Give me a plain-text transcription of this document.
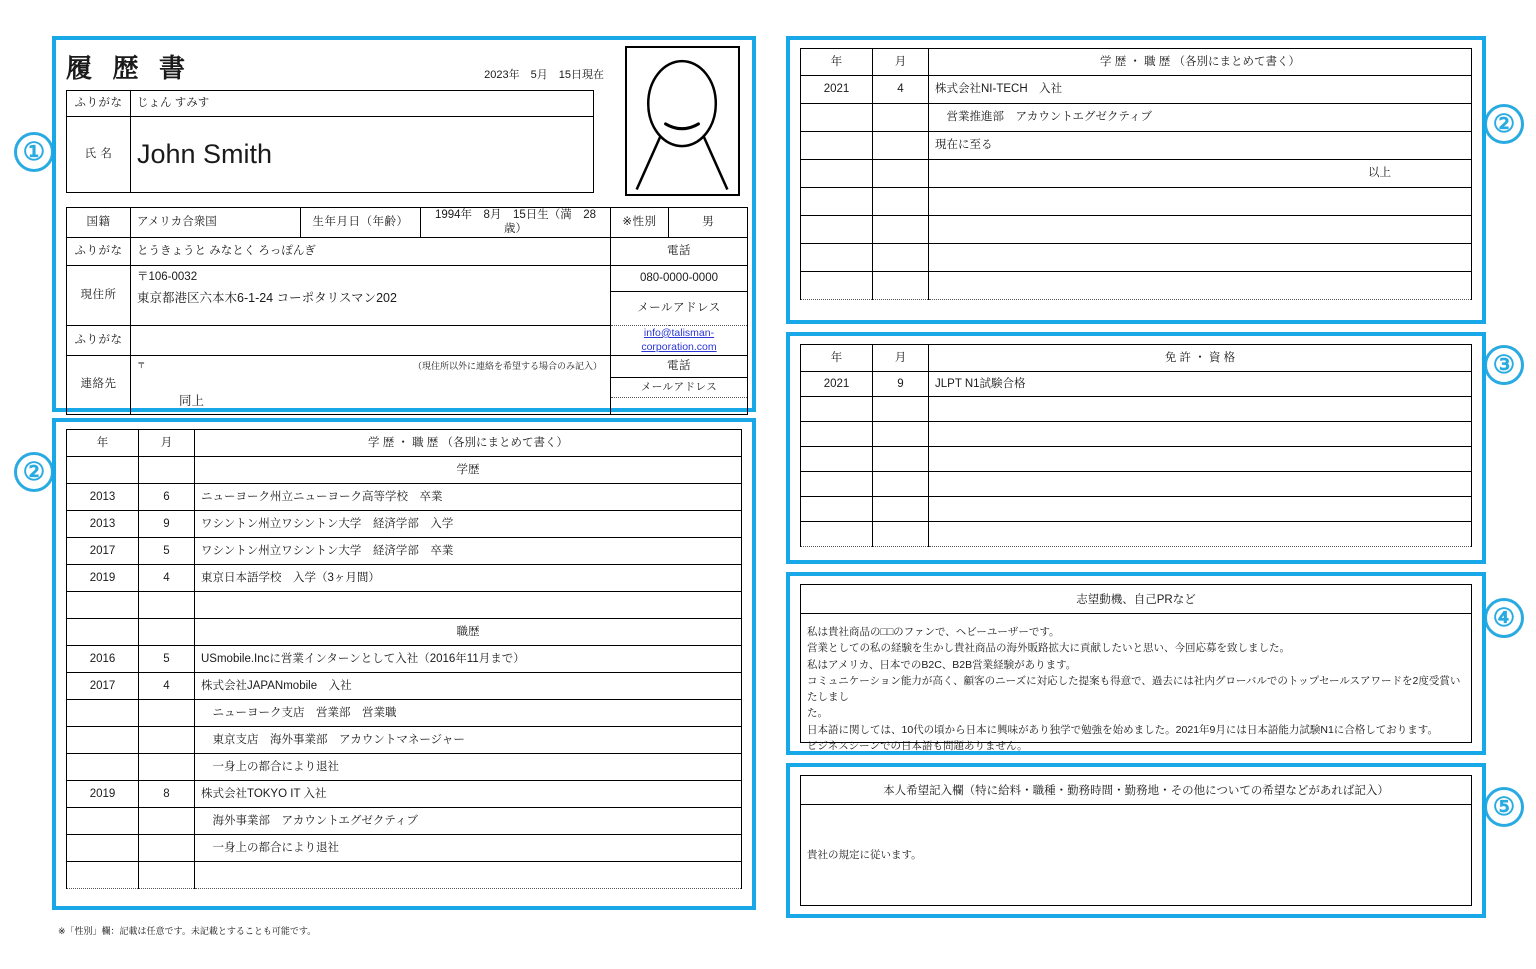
①
②
②
③
④
⑤
履 歴 書	2023年　5月　15日現在
ふりがな	じょん すみす
氏 名	John Smith
国籍	アメリカ合衆国	生年月日（年齢）	1994年　8月　15日生（満　28歳）	※性別	男
ふりがな	とうきょうと みなとく ろっぽんぎ			電話	
現住所	〒106-0032			080-0000-0000	
	東京都港区六本木6-1-24 コーポタリスマン202			メールアドレス	
ふりがな				info@talisman-corporation.com	
連絡先	〒 （現住所以外に連絡を希望する場合のみ記入）			電話	
	同上			メールアドレス	
年	月	学 歴 ・ 職 歴 （各別にまとめて書く）
		学歴
2013	6	ニューヨーク州立ニューヨーク高等学校　卒業
2013	9	ワシントン州立ワシントン大学　経済学部　入学
2017	5	ワシントン州立ワシントン大学　経済学部　卒業
2019	4	東京日本語学校　入学（3ヶ月間）

		職歴
2016	5	USmobile.Incに営業インターンとして入社（2016年11月まで）
2017	4	株式会社JAPANmobile　入社
		　ニューヨーク支店　営業部　営業職
		　東京支店　海外事業部　アカウントマネージャー
		　一身上の都合により退社
2019	8	株式会社TOKYO IT 入社
		　海外事業部　アカウントエグゼクティブ
		　一身上の都合により退社

年	月	学 歴 ・ 職 歴 （各別にまとめて書く）
2021	4	株式会社NI-TECH　入社
		　営業推進部　アカウントエグゼクティブ
		現在に至る
		以上

年	月	免 許 ・ 資 格
2021	9	JLPT N1試験合格

志望動機、自己PRなど
私は貴社商品の□□のファンで、ヘビーユーザーです。
営業としての私の経験を生かし貴社商品の海外販路拡大に貢献したいと思い、今回応募を致しました。
私はアメリカ、日本でのB2C、B2B営業経験があります。
コミュニケーション能力が高く、顧客のニーズに対応した提案も得意で、過去には社内グローバルでのトップセールスアワードを2度受賞いたしまし
た。
日本語に関しては、10代の頃から日本に興味があり独学で勉強を始めました。2021年9月には日本語能力試験N1に合格しております。
ビジネスシーンでの日本語も問題ありません。
本人希望記入欄（特に給料・職種・勤務時間・勤務地・その他についての希望などがあれば記入）
貴社の規定に従います。
※「性別」欄：記載は任意です。未記載とすることも可能です。
